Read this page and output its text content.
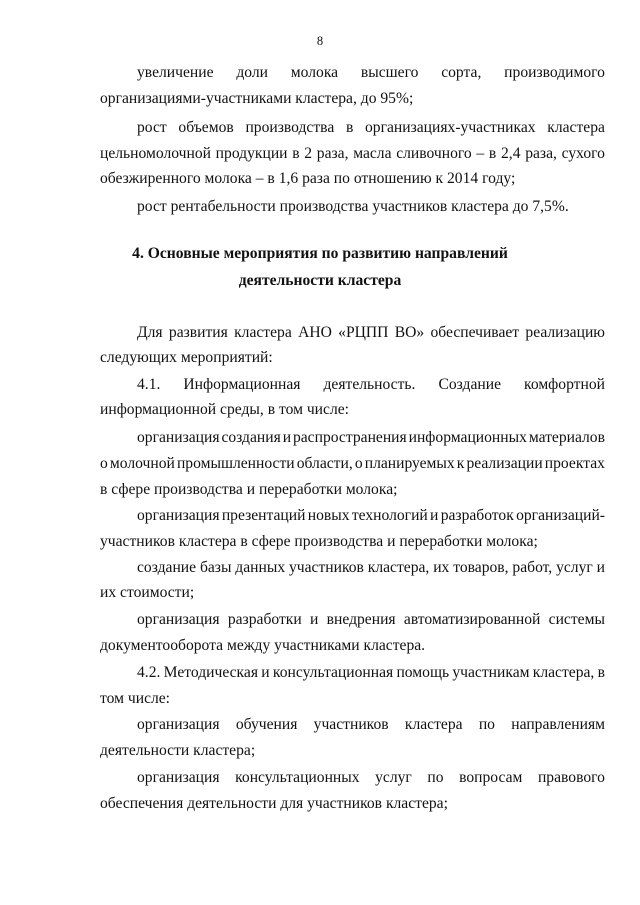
8
увеличение доли молока высшего сорта, производимого
организациями-участниками кластера, до 95%;
рост объемов производства в организациях-участниках кластера
цельномолочной продукции в 2 раза, масла сливочного – в 2,4 раза, сухого
обезжиренного молока – в 1,6 раза по отношению к 2014 году;
рост рентабельности производства участников кластера до 7,5%.
4. Основные мероприятия по развитию направлений
деятельности кластера
Для развития кластера АНО «РЦПП ВО» обеспечивает реализацию
следующих мероприятий:
4.1. Информационная деятельность. Создание комфортной
информационной среды, в том числе:
организация создания и распространения информационных материалов
о молочной промышленности области, о планируемых к реализации проектах
в сфере производства и переработки молока;
организация презентаций новых технологий и разработок организаций-
участников кластера в сфере производства и переработки молока;
создание базы данных участников кластера, их товаров, работ, услуг и
их стоимости;
организация разработки и внедрения автоматизированной системы
документооборота между участниками кластера.
4.2. Методическая и консультационная помощь участникам кластера, в
том числе:
организация обучения участников кластера по направлениям
деятельности кластера;
организация консультационных услуг по вопросам правового
обеспечения деятельности для участников кластера;
